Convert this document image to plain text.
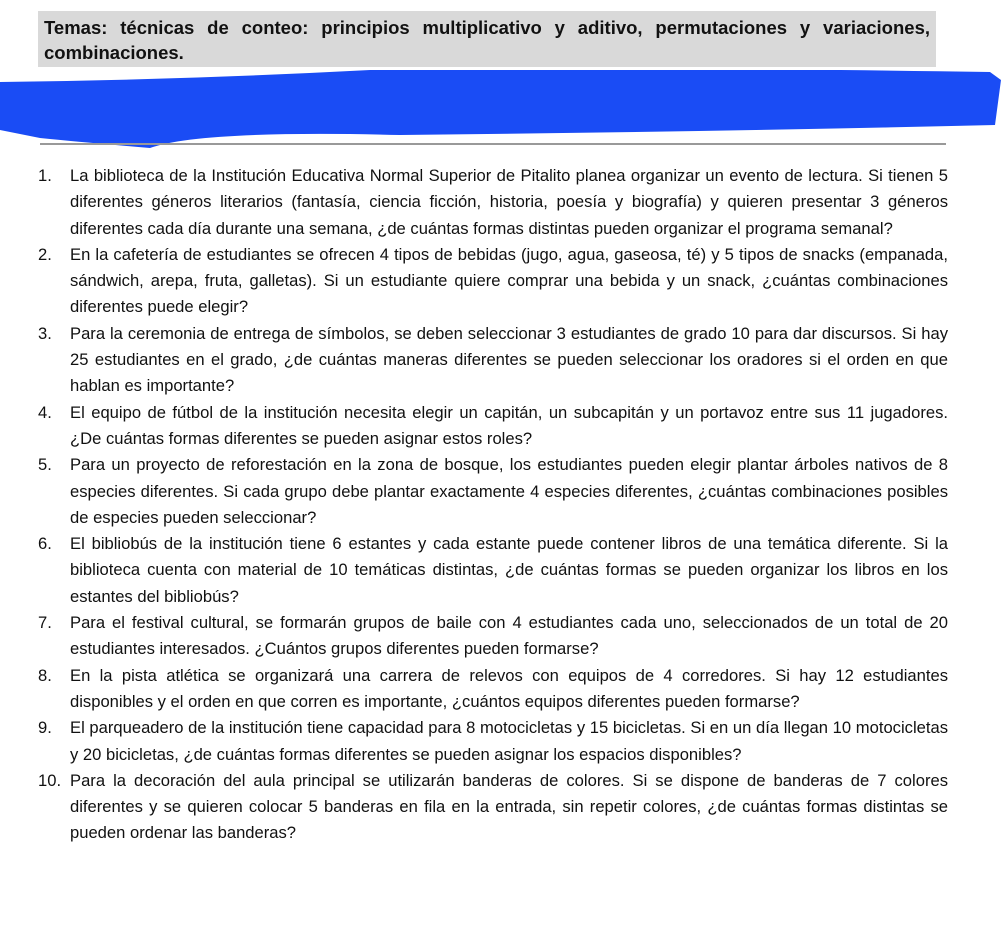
Temas: técnicas de conteo: principios multiplicativo y aditivo, permutaciones y variaciones, combinaciones.
1. La biblioteca de la Institución Educativa Normal Superior de Pitalito planea organizar un evento de lectura. Si tienen 5 diferentes géneros literarios (fantasía, ciencia ficción, historia, poesía y biografía) y quieren presentar 3 géneros diferentes cada día durante una semana, ¿de cuántas formas distintas pueden organizar el programa semanal?
2. En la cafetería de estudiantes se ofrecen 4 tipos de bebidas (jugo, agua, gaseosa, té) y 5 tipos de snacks (empanada, sándwich, arepa, fruta, galletas). Si un estudiante quiere comprar una bebida y un snack, ¿cuántas combinaciones diferentes puede elegir?
3. Para la ceremonia de entrega de símbolos, se deben seleccionar 3 estudiantes de grado 10 para dar discursos. Si hay 25 estudiantes en el grado, ¿de cuántas maneras diferentes se pueden seleccionar los oradores si el orden en que hablan es importante?
4. El equipo de fútbol de la institución necesita elegir un capitán, un subcapitán y un portavoz entre sus 11 jugadores. ¿De cuántas formas diferentes se pueden asignar estos roles?
5. Para un proyecto de reforestación en la zona de bosque, los estudiantes pueden elegir plantar árboles nativos de 8 especies diferentes. Si cada grupo debe plantar exactamente 4 especies diferentes, ¿cuántas combinaciones posibles de especies pueden seleccionar?
6. El bibliobús de la institución tiene 6 estantes y cada estante puede contener libros de una temática diferente. Si la biblioteca cuenta con material de 10 temáticas distintas, ¿de cuántas formas se pueden organizar los libros en los estantes del bibliobús?
7. Para el festival cultural, se formarán grupos de baile con 4 estudiantes cada uno, seleccionados de un total de 20 estudiantes interesados. ¿Cuántos grupos diferentes pueden formarse?
8. En la pista atlética se organizará una carrera de relevos con equipos de 4 corredores. Si hay 12 estudiantes disponibles y el orden en que corren es importante, ¿cuántos equipos diferentes pueden formarse?
9. El parqueadero de la institución tiene capacidad para 8 motocicletas y 15 bicicletas. Si en un día llegan 10 motocicletas y 20 bicicletas, ¿de cuántas formas diferentes se pueden asignar los espacios disponibles?
10. Para la decoración del aula principal se utilizarán banderas de colores. Si se dispone de banderas de 7 colores diferentes y se quieren colocar 5 banderas en fila en la entrada, sin repetir colores, ¿de cuántas formas distintas se pueden ordenar las banderas?
